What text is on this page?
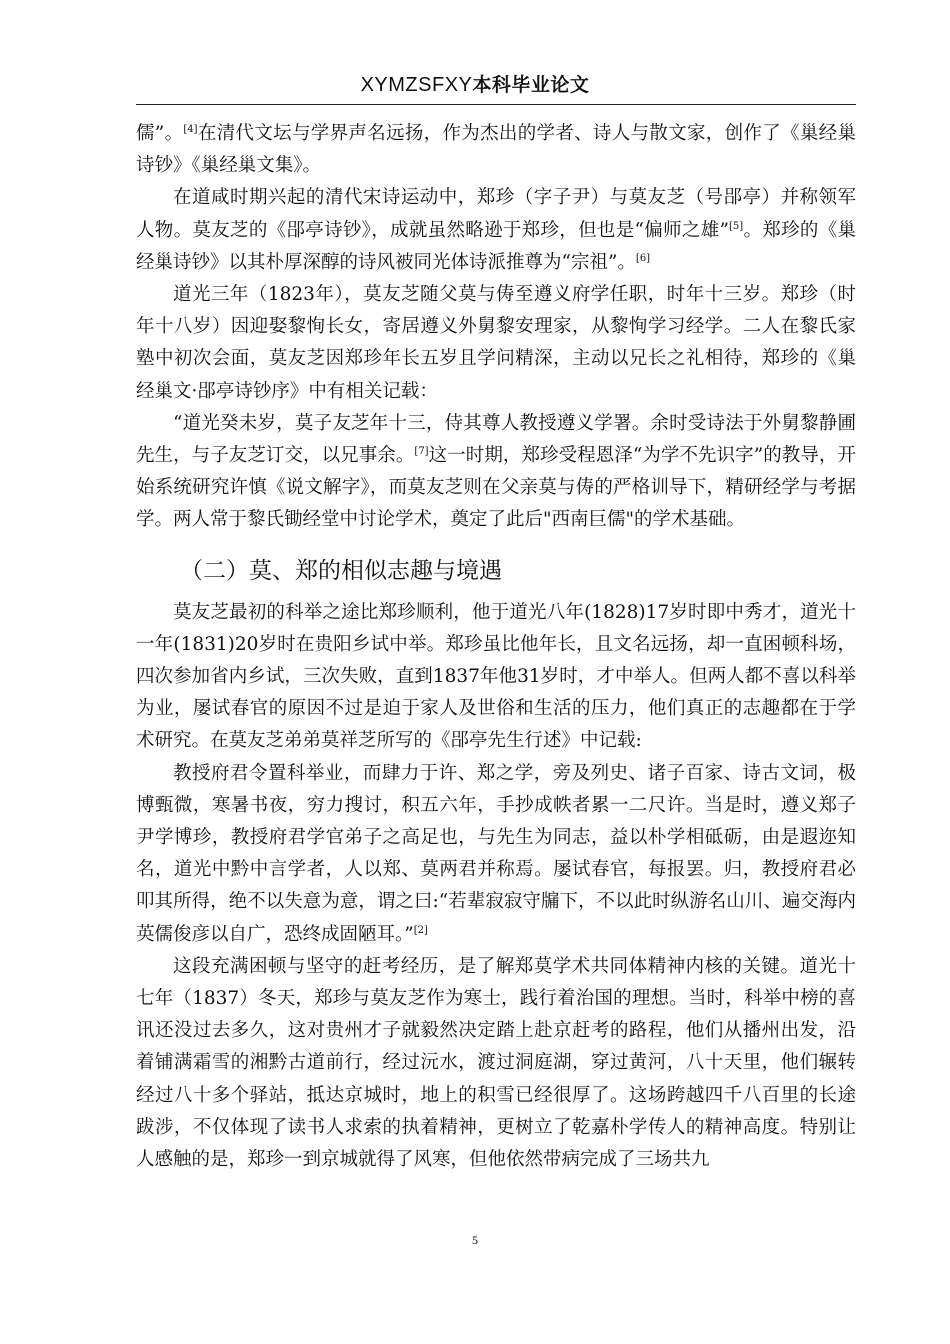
XYMZSFXY本科毕业论文

儒”。[4]在清代文坛与学界声名远扬，作为杰出的学者、诗人与散文家，创作了《巢经巢诗钞》《巢经巢文集》。

在道咸时期兴起的清代宋诗运动中，郑珍（字子尹）与莫友芝（号郘亭）并称领军人物。莫友芝的《郘亭诗钞》，成就虽然略逊于郑珍，但也是“偏师之雄”[5]。郑珍的《巢经巢诗钞》以其朴厚深醇的诗风被同光体诗派推尊为“宗祖”。[6]

道光三年（1823年），莫友芝随父莫与俦至遵义府学任职，时年十三岁。郑珍（时年十八岁）因迎娶黎恂长女，寄居遵义外舅黎安理家，从黎恂学习经学。二人在黎氏家塾中初次会面，莫友芝因郑珍年长五岁且学问精深，主动以兄长之礼相待，郑珍的《巢经巢文·郘亭诗钞序》中有相关记载：

“道光癸未岁，莫子友芝年十三，侍其尊人教授遵义学署。余时受诗法于外舅黎静圃先生，与子友芝订交，以兄事余。[7]这一时期，郑珍受程恩泽“为学不先识字”的教导，开始系统研究许慎《说文解字》，而莫友芝则在父亲莫与俦的严格训导下，精研经学与考据学。两人常于黎氏锄经堂中讨论学术，奠定了此后"西南巨儒"的学术基础。

（二）莫、郑的相似志趣与境遇

莫友芝最初的科举之途比郑珍顺利，他于道光八年(1828)17岁时即中秀才，道光十一年(1831)20岁时在贵阳乡试中举。郑珍虽比他年长，且文名远扬，却一直困顿科场，四次参加省内乡试，三次失败，直到1837年他31岁时，才中举人。但两人都不喜以科举为业，屡试春官的原因不过是迫于家人及世俗和生活的压力，他们真正的志趣都在于学术研究。在莫友芝弟弟莫祥芝所写的《郘亭先生行述》中记载:

教授府君令置科举业，而肆力于许、郑之学，旁及列史、诸子百家、诗古文词，极博甄微，寒暑书夜，穷力搜讨，积五六年，手抄成帙者累一二尺许。当是时，遵义郑子尹学博珍，教授府君学官弟子之高足也，与先生为同志，益以朴学相砥砺，由是遐迩知名，道光中黔中言学者，人以郑、莫两君并称焉。屡试春官，每报罢。归，教授府君必叩其所得，绝不以失意为意，谓之曰:“若辈寂寂守牖下，不以此时纵游名山川、遍交海内英儒俊彦以自广，恐终成固陋耳。”[2]

这段充满困顿与坚守的赶考经历，是了解郑莫学术共同体精神内核的关键。道光十七年（1837）冬天，郑珍与莫友芝作为寒士，践行着治国的理想。当时，科举中榜的喜讯还没过去多久，这对贵州才子就毅然决定踏上赴京赶考的路程，他们从播州出发，沿着铺满霜雪的湘黔古道前行，经过沅水，渡过洞庭湖，穿过黄河，八十天里，他们辗转经过八十多个驿站，抵达京城时，地上的积雪已经很厚了。这场跨越四千八百里的长途跋涉，不仅体现了读书人求索的执着精神，更树立了乾嘉朴学传人的精神高度。特别让人感触的是，郑珍一到京城就得了风寒，但他依然带病完成了三场共九

5
